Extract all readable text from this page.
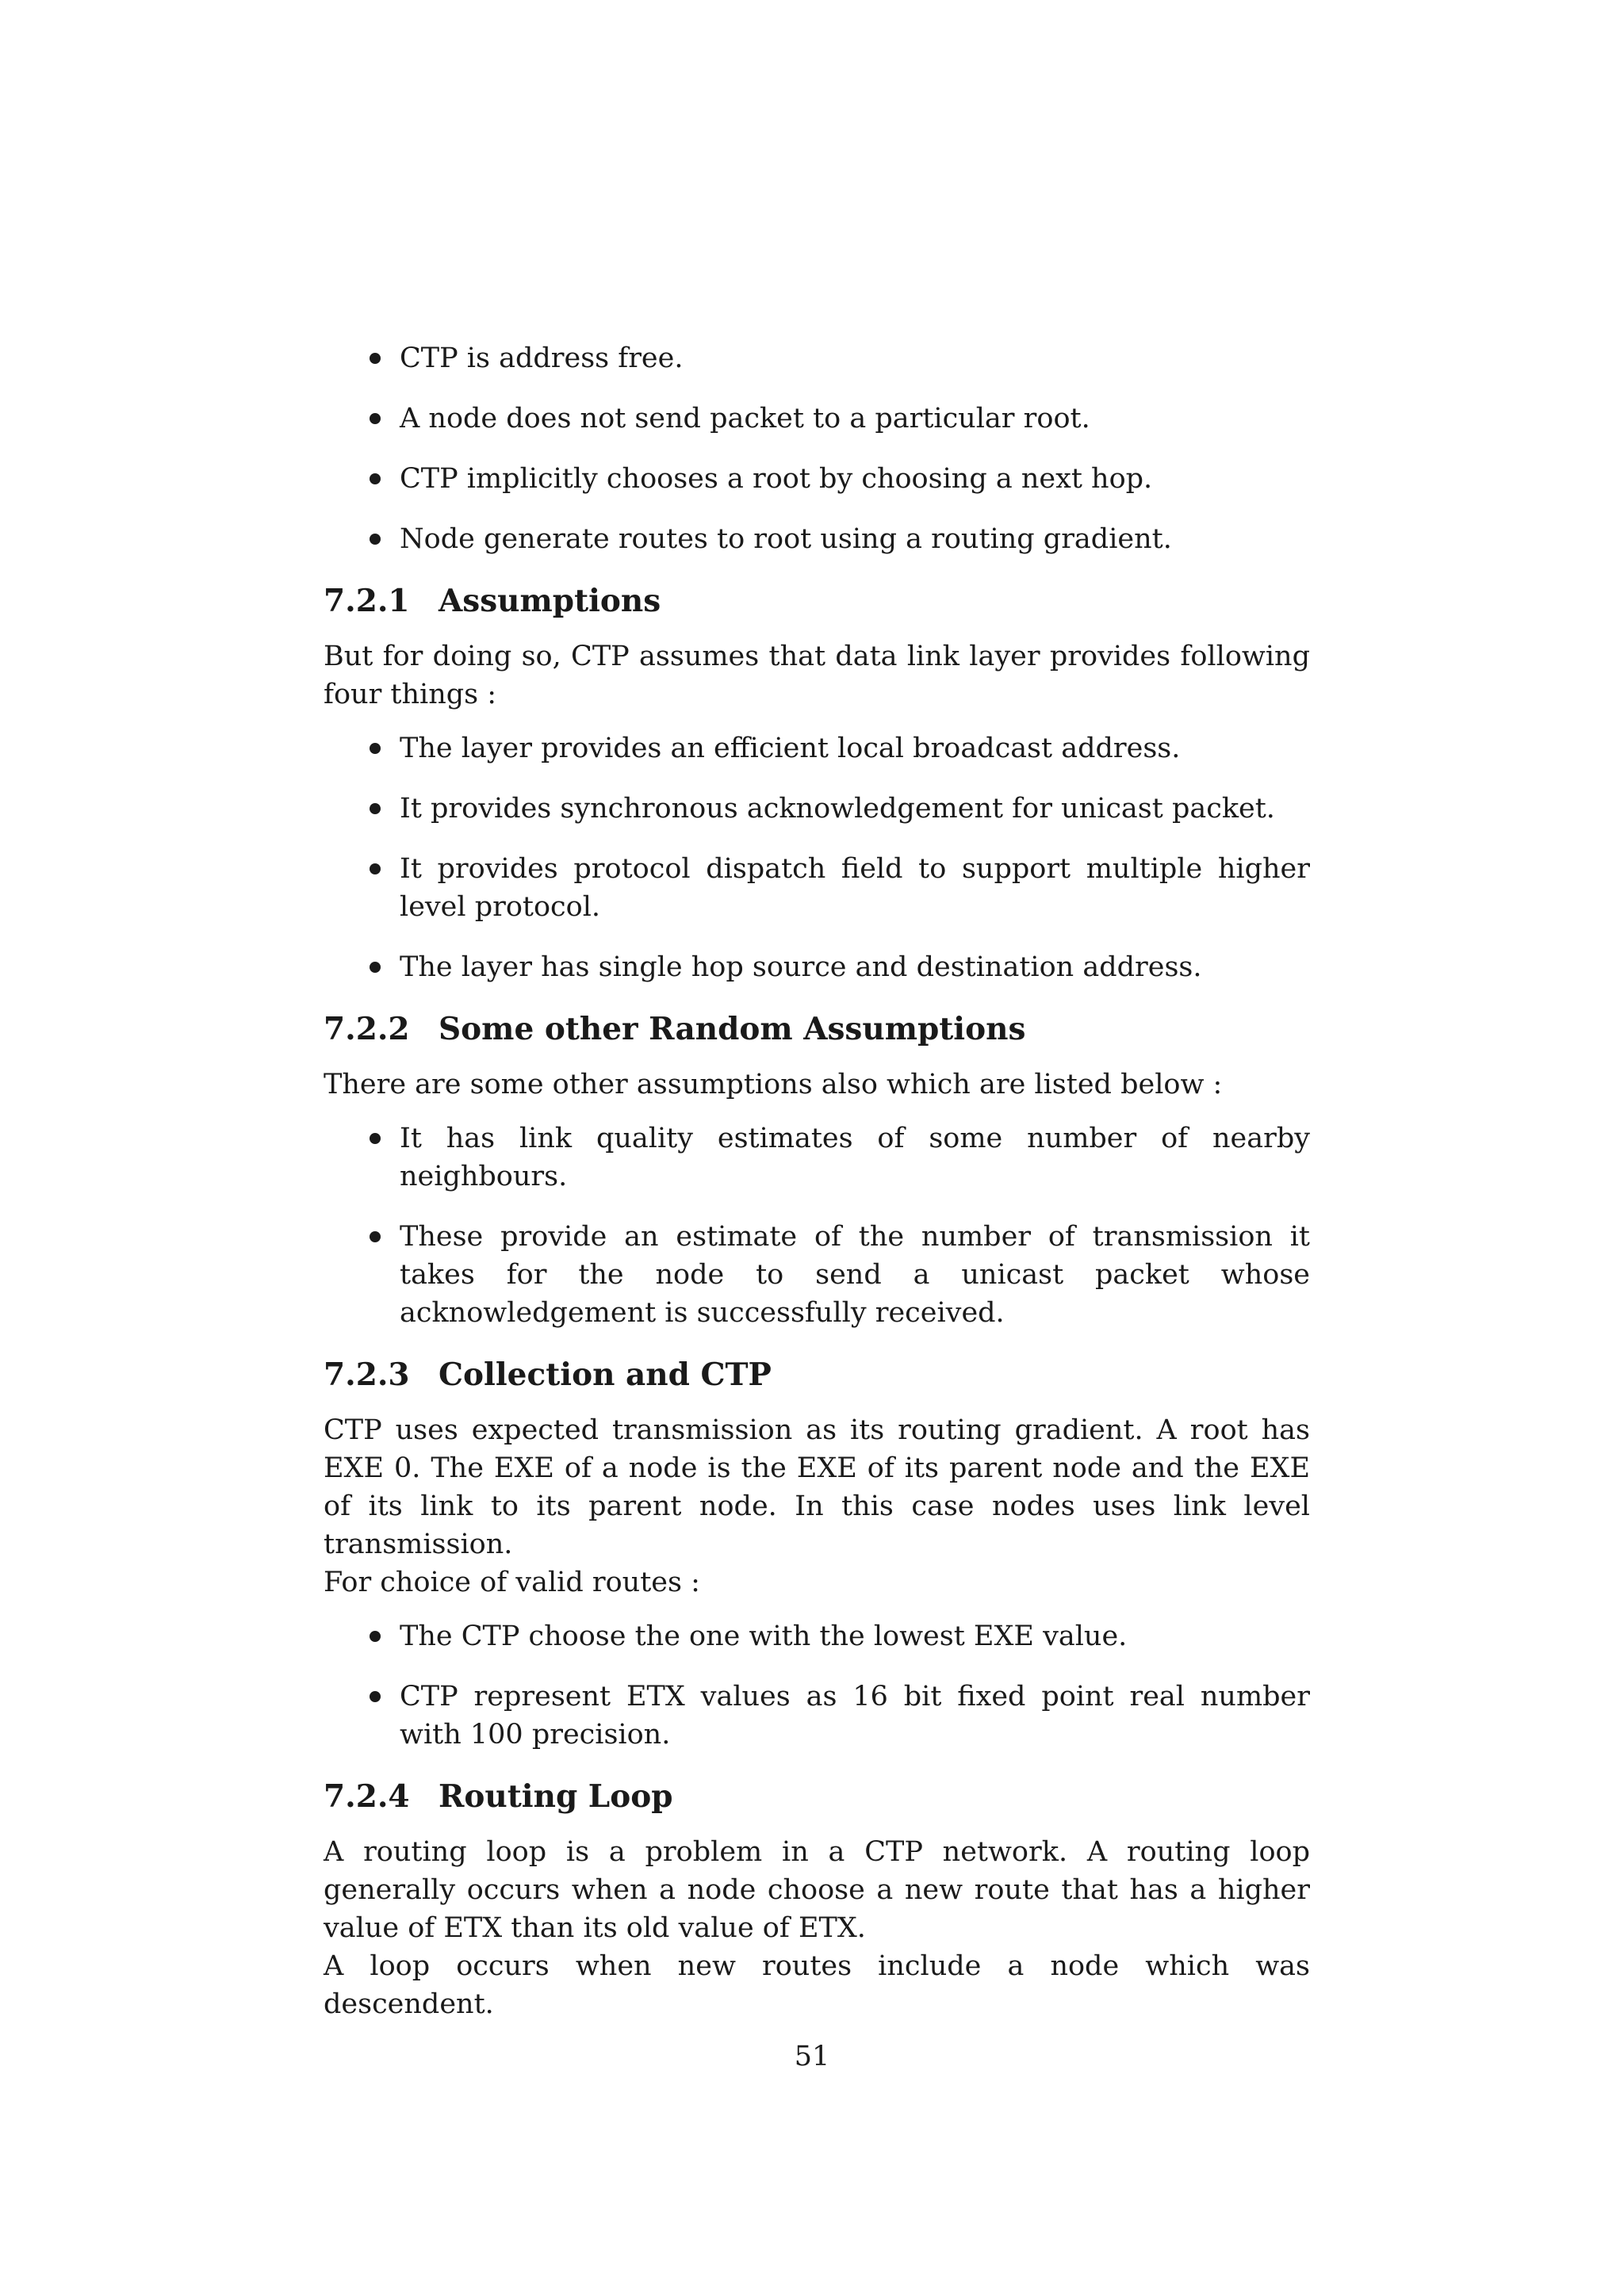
CTP is address free.
A node does not send packet to a particular root.
CTP implicitly chooses a root by choosing a next hop.
Node generate routes to root using a routing gradient.
7.2.1 Assumptions

But for doing so, CTP assumes that data link layer provides following four things :

The layer provides an efficient local broadcast address.
It provides synchronous acknowledgement for unicast packet.
It provides protocol dispatch field to support multiple higher level protocol.
The layer has single hop source and destination address.
7.2.2 Some other Random Assumptions

There are some other assumptions also which are listed below :

It has link quality estimates of some number of nearby neighbours.
These provide an estimate of the number of transmission it takes for the node to send a unicast packet whose acknowledgement is successfully received.
7.2.3 Collection and CTP

CTP uses expected transmission as its routing gradient. A root has EXE 0. The EXE of a node is the EXE of its parent node and the EXE of its link to its parent node. In this case nodes uses link level transmission.

For choice of valid routes :

The CTP choose the one with the lowest EXE value.
CTP represent ETX values as 16 bit fixed point real number with 100 precision.
7.2.4 Routing Loop

A routing loop is a problem in a CTP network. A routing loop generally occurs when a node choose a new route that has a higher value of ETX than its old value of ETX.

A loop occurs when new routes include a node which was descendent.

51
